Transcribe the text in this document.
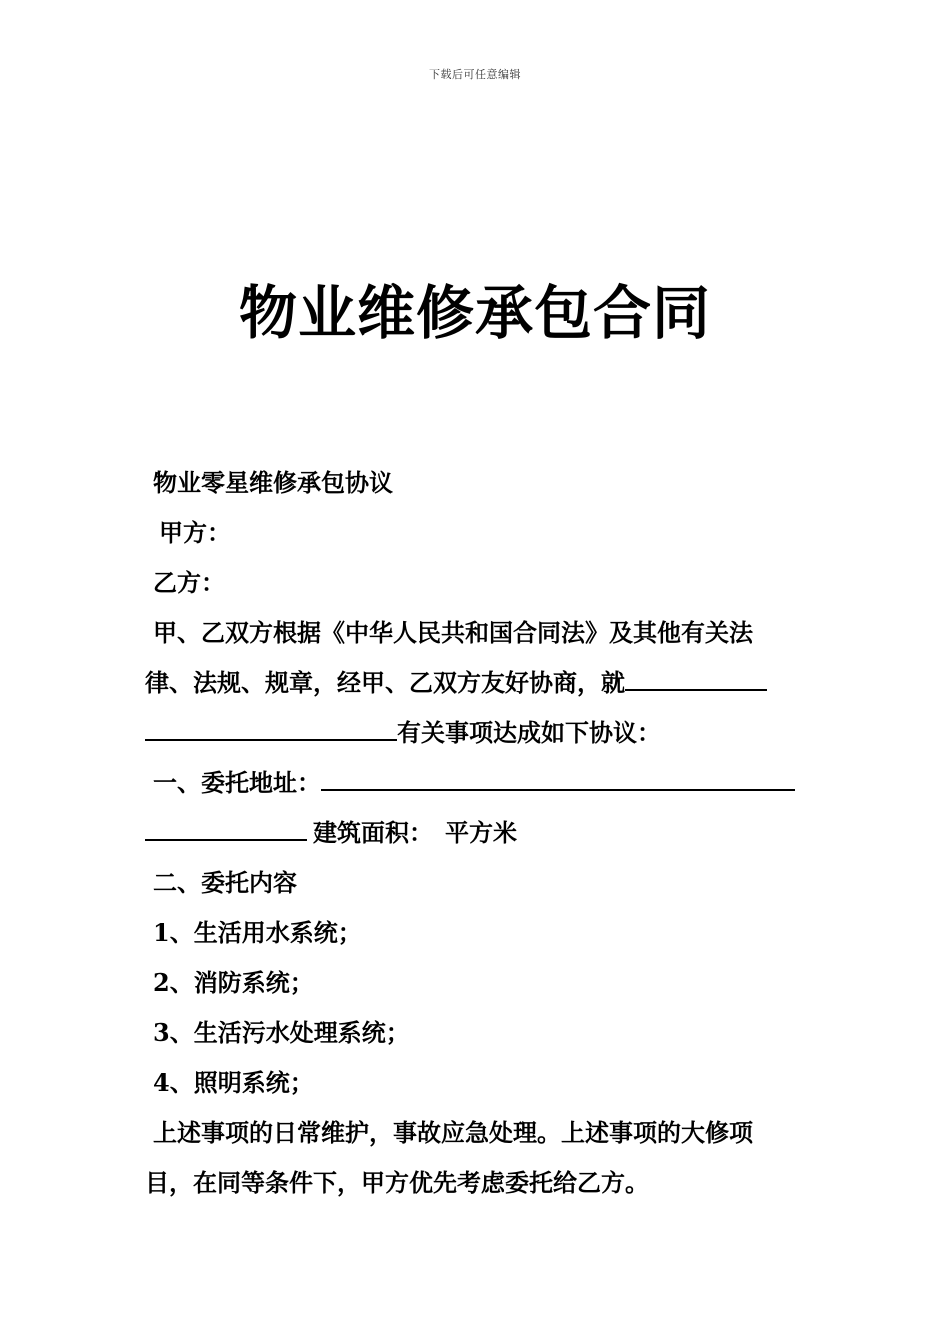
下载后可任意编辑
物业维修承包合同
物业零星维修承包协议
甲方：
乙方：
甲、乙双方根据《中华人民共和国合同法》及其他有关法
律、法规、规章，经甲、乙双方友好协商，就
有关事项达成如下协议：
一、委托地址：
建筑面积： 平方米
二、委托内容
1、生活用水系统；
2、消防系统；
3、生活污水处理系统；
4、照明系统；
上述事项的日常维护，事故应急处理。上述事项的大修项
目，在同等条件下，甲方优先考虑委托给乙方。
